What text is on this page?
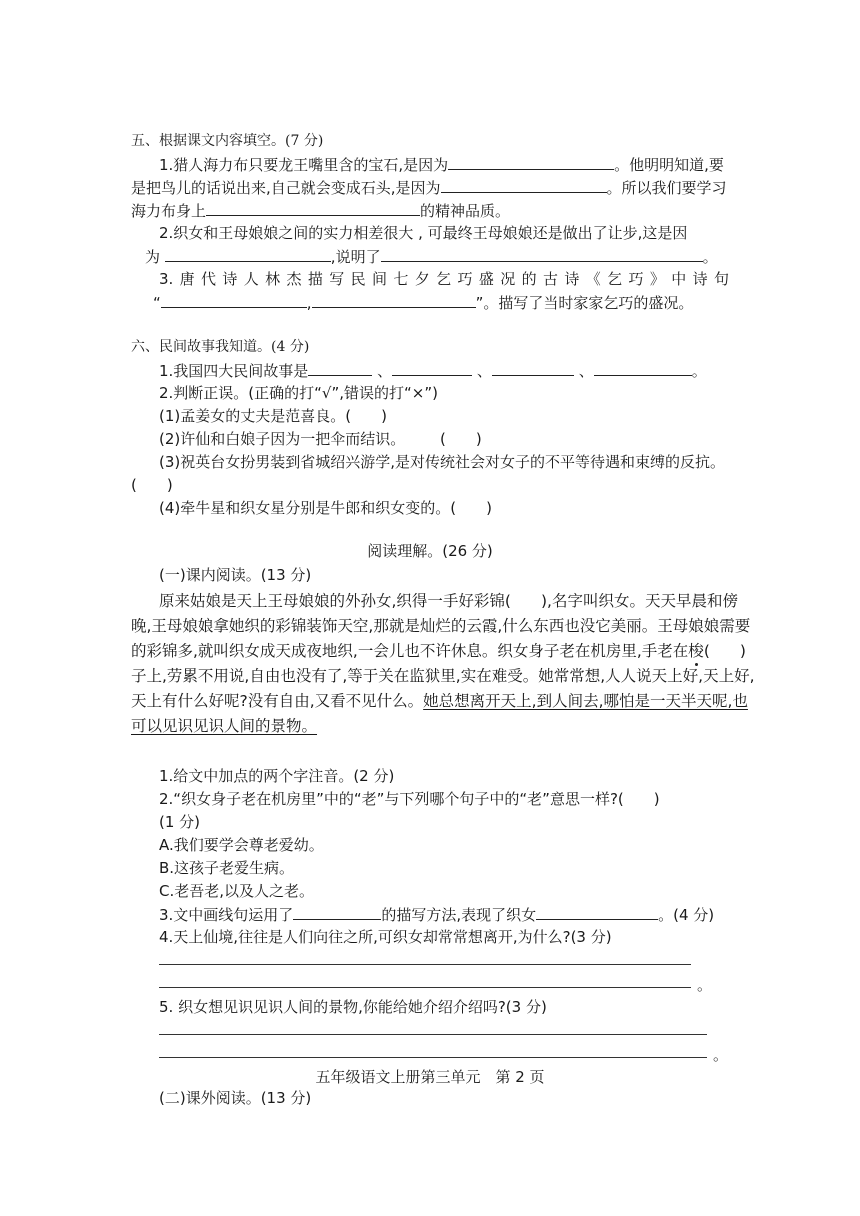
五、根据课文内容填空。(7 分)
1.猎人海力布只要龙王嘴里含的宝石,是因为	。他明明知道,要
是把鸟儿的话说出来,自己就会变成石头,是因为	。所以我们要学习
海力布身上	的精神品质。
2.织女和王母娘娘之间的实力相差很大 , 可最终王母娘娘还是做出了让步,这是因
为	,说明了	。
3.唐代诗人林杰描写民间七夕乞巧盛况的古诗《乞巧》中诗句
“	,	”。描写了当时家家乞巧的盛况。
六、民间故事我知道。(4 分)
1.我国四大民间故事是	、	、	、	。
2.判断正误。(正确的打“√”,错误的打“×”)
(1)孟姜女的丈夫是范喜良。( )
(2)许仙和白娘子因为一把伞而结识。 ( )
(3)祝英台女扮男装到省城绍兴游学,是对传统社会对女子的不平等待遇和束缚的反抗。
( )
(4)牵牛星和织女星分别是牛郎和织女变的。( )
阅读理解。(26 分)
(一)课内阅读。(13 分)
原来姑娘是天上王母娘娘的外孙女,织得一手好彩锦( ),名字叫织女。天天早晨和傍
晚,王母娘娘拿她织的彩锦装饰天空,那就是灿烂的云霞,什么东西也没它美丽。王母娘娘需要
的彩锦多,就叫织女成天成夜地织,一会儿也不许休息。织女身子老在机房里,手老在梭( )
子上,劳累不用说,自由也没有了,等于关在监狱里,实在难受。她常常想,人人说天上好,天上好,
天上有什么好呢?没有自由,又看不见什么。她总想离开天上,到人间去,哪怕是一天半天呢,也
可以见识见识人间的景物。
1.给文中加点的两个字注音。(2 分)
2.“织女身子老在机房里”中的“老”与下列哪个句子中的“老”意思一样?( )
(1 分)
A.我们要学会尊老爱幼。
B.这孩子老爱生病。
C.老吾老,以及人之老。
3.文中画线句运用了	的描写方法,表现了织女	。(4 分)
4.天上仙境,往往是人们向往之所,可织女却常常想离开,为什么?(3 分)
。
5. 织女想见识见识人间的景物,你能给她介绍介绍吗?(3 分)
。
五年级语文上册第三单元　第 2 页
(二)课外阅读。(13 分)
